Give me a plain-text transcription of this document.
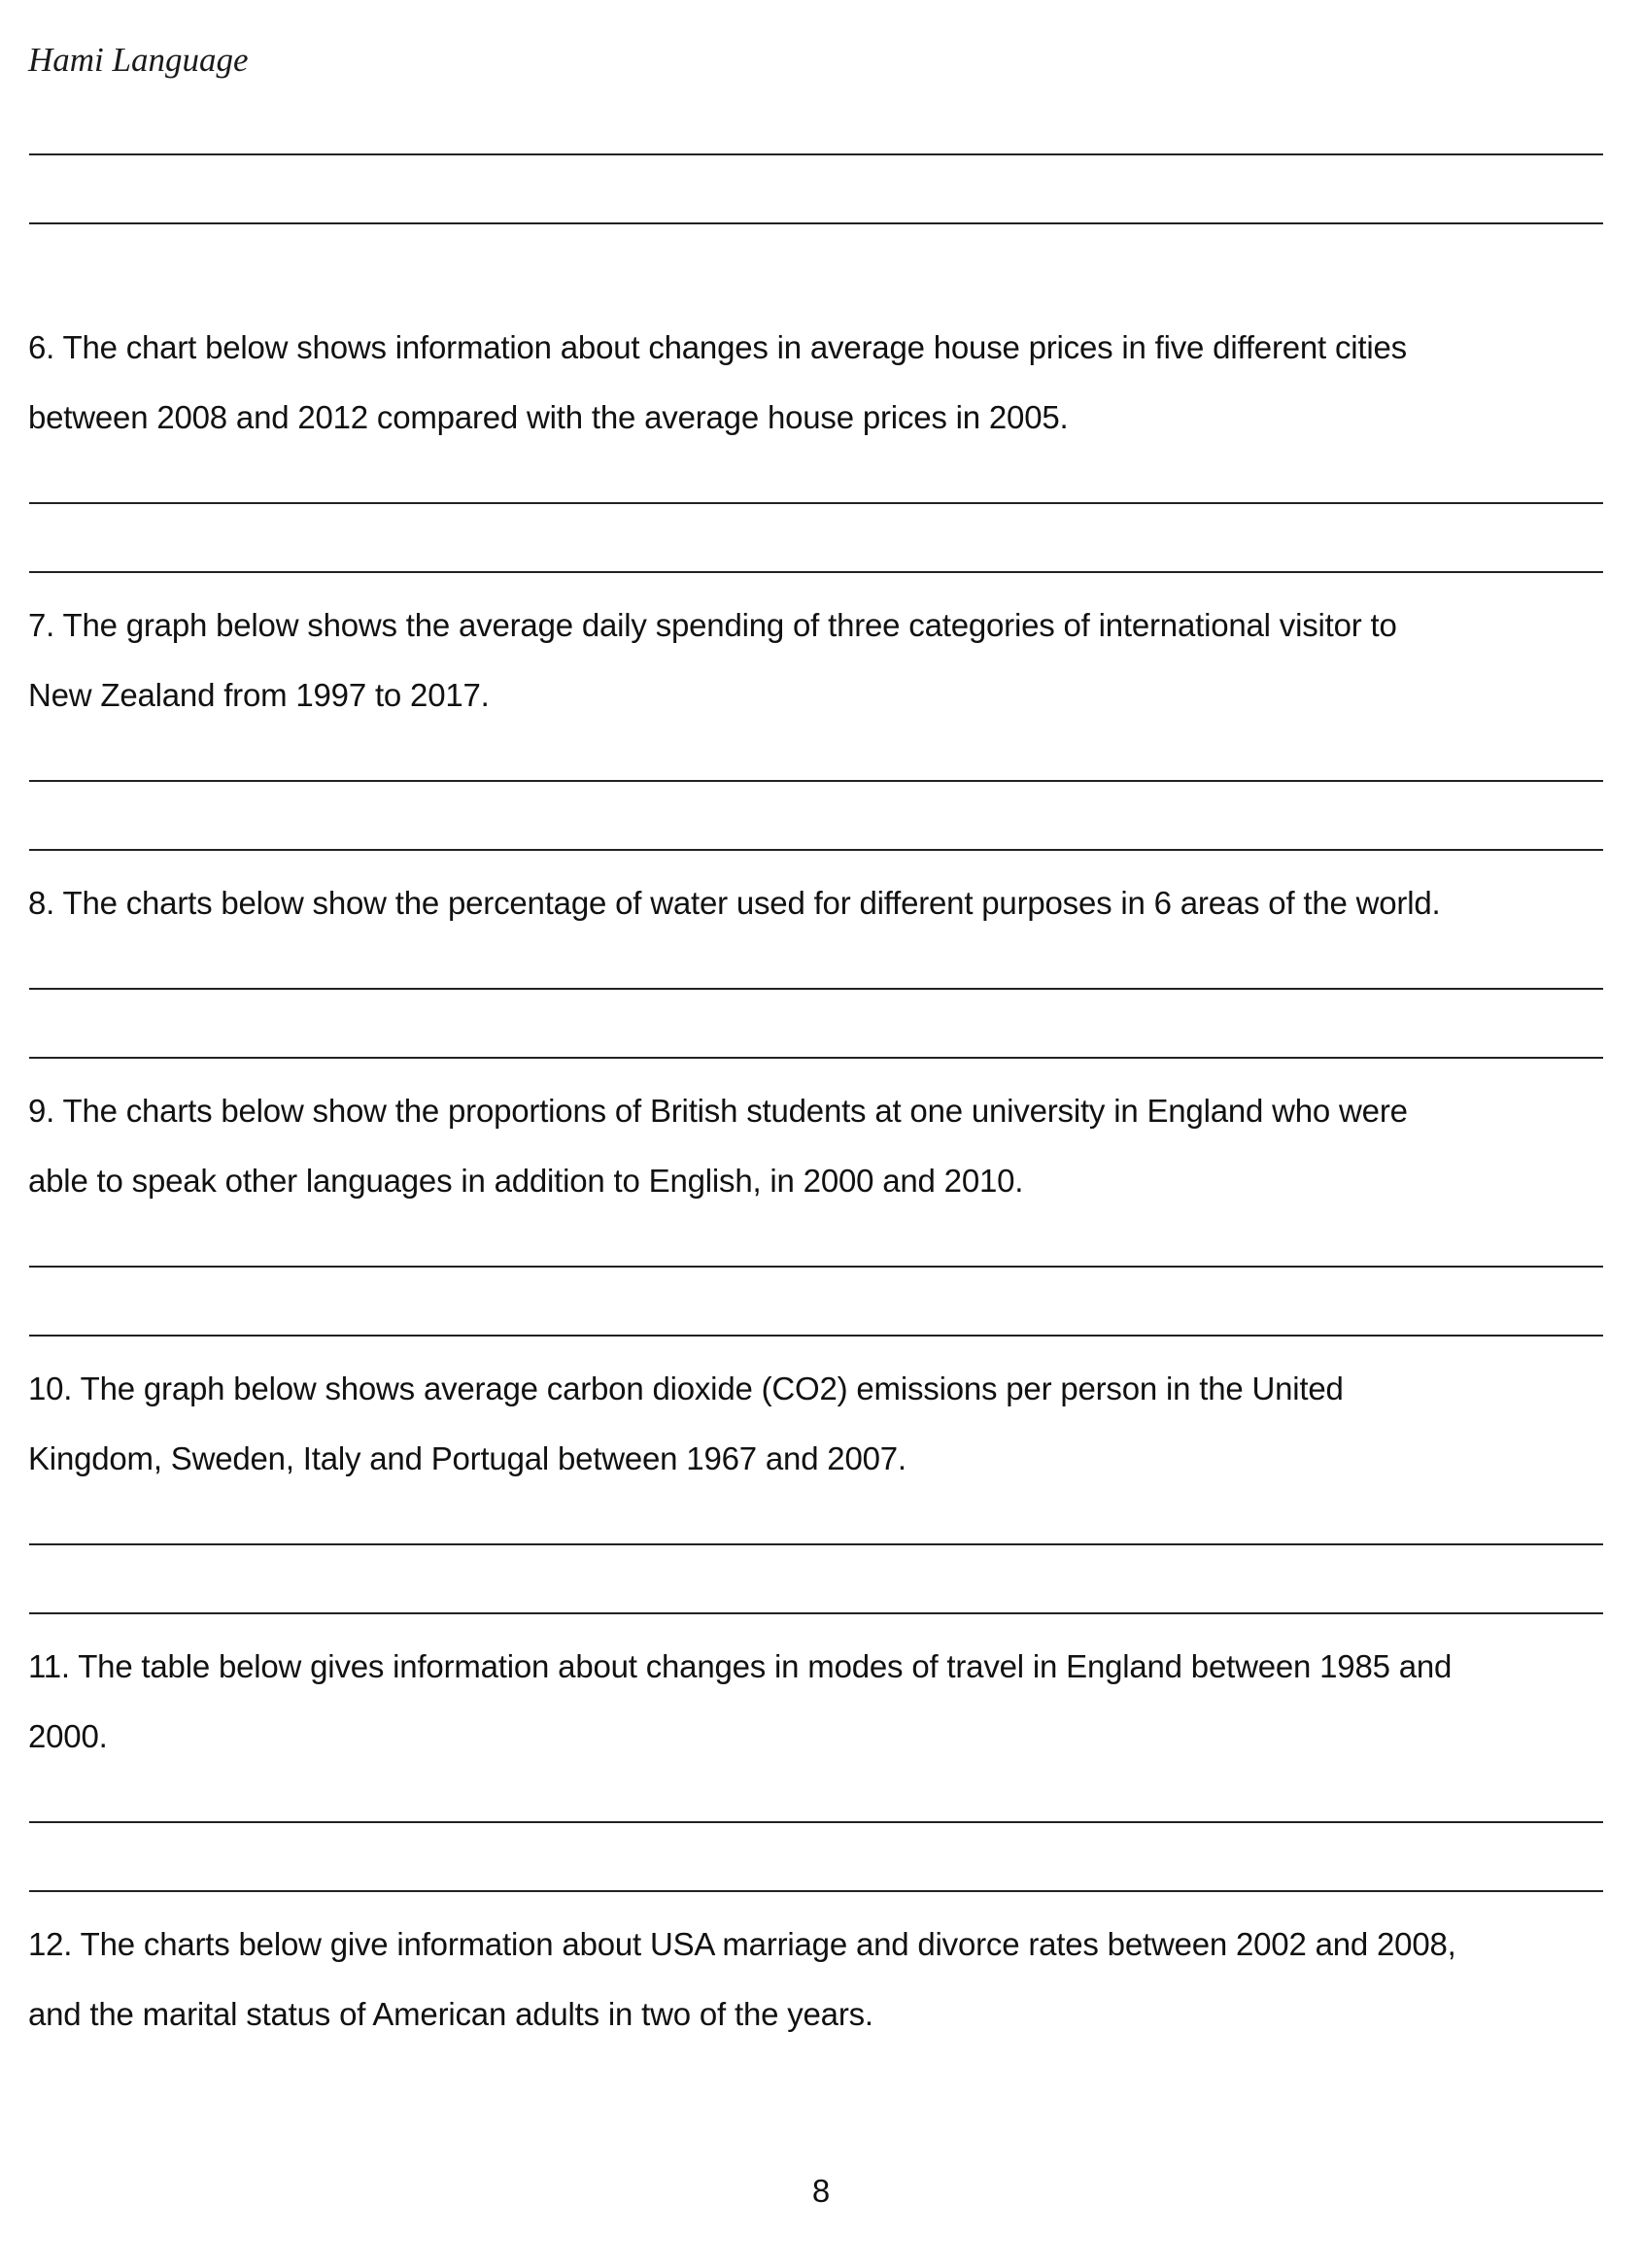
Hami Language
6. The chart below shows information about changes in average house prices in five different cities
between 2008 and 2012 compared with the average house prices in 2005.
7. The graph below shows the average daily spending of three categories of international visitor to
New Zealand from 1997 to 2017.
8. The charts below show the percentage of water used for different purposes in 6 areas of the world.
9. The charts below show the proportions of British students at one university in England who were
able to speak other languages in addition to English, in 2000 and 2010.
10. The graph below shows average carbon dioxide (CO2) emissions per person in the United
Kingdom, Sweden, Italy and Portugal between 1967 and 2007.
11. The table below gives information about changes in modes of travel in England between 1985 and
2000.
12. The charts below give information about USA marriage and divorce rates between 2002 and 2008,
and the marital status of American adults in two of the years.
8
